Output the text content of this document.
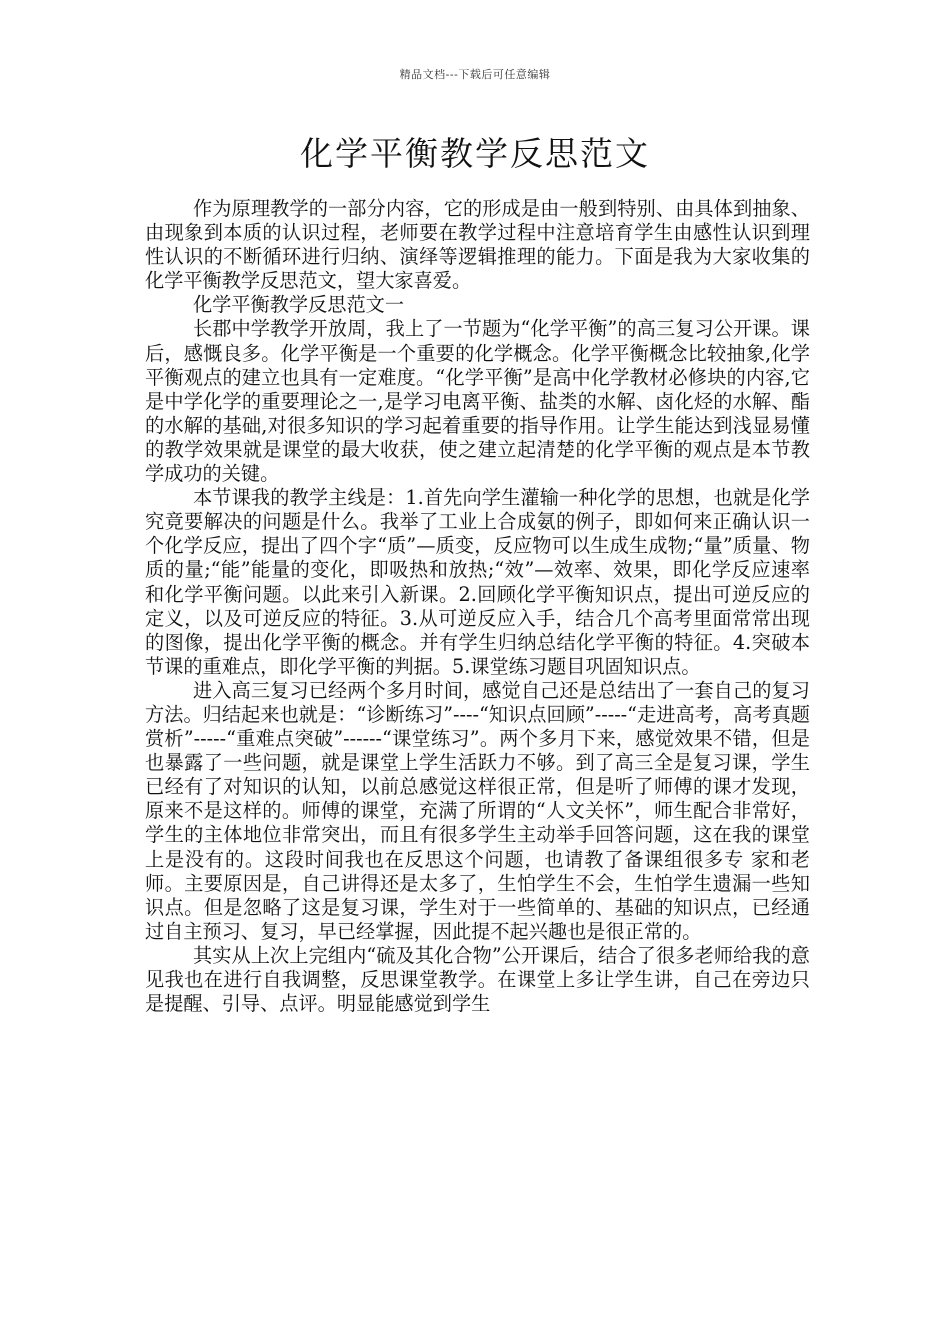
精品文档---下载后可任意编辑
化学平衡教学反思范文

作为原理教学的一部分内容，它的形成是由一般到特别、由具体到抽象、由现象到本质的认识过程，老师要在教学过程中注意培育学生由感性认识到理性认识的不断循环进行归纳、演绎等逻辑推理的能力。下面是我为大家收集的化学平衡教学反思范文，望大家喜爱。

化学平衡教学反思范文一

长郡中学教学开放周，我上了一节题为“化学平衡”的高三复习公开课。课后，感慨良多。化学平衡是一个重要的化学概念。化学平衡概念比较抽象,化学平衡观点的建立也具有一定难度。“化学平衡”是高中化学教材必修块的内容,它是中学化学的重要理论之一,是学习电离平衡、盐类的水解、卤化烃的水解、酯的水解的基础,对很多知识的学习起着重要的指导作用。让学生能达到浅显易懂的教学效果就是课堂的最大收获，使之建立起清楚的化学平衡的观点是本节教学成功的关键。

本节课我的教学主线是：1.首先向学生灌输一种化学的思想，也就是化学究竟要解决的问题是什么。我举了工业上合成氨的例子，即如何来正确认识一个化学反应，提出了四个字“质”—质变，反应物可以生成生成物;“量”质量、物质的量;“能”能量的变化，即吸热和放热;“效”—效率、效果，即化学反应速率和化学平衡问题。以此来引入新课。2.回顾化学平衡知识点，提出可逆反应的定义，以及可逆反应的特征。3.从可逆反应入手，结合几个高考里面常常出现的图像，提出化学平衡的概念。并有学生归纳总结化学平衡的特征。4.突破本节课的重难点，即化学平衡的判据。5.课堂练习题目巩固知识点。

进入高三复习已经两个多月时间，感觉自己还是总结出了一套自己的复习方法。归结起来也就是：“诊断练习”----“知识点回顾”-----“走进高考，高考真题赏析”-----“重难点突破”------“课堂练习”。两个多月下来，感觉效果不错，但是也暴露了一些问题，就是课堂上学生活跃力不够。到了高三全是复习课，学生已经有了对知识的认知，以前总感觉这样很正常，但是听了师傅的课才发现，原来不是这样的。师傅的课堂，充满了所谓的“人文关怀”，师生配合非常好，学生的主体地位非常突出，而且有很多学生主动举手回答问题，这在我的课堂上是没有的。这段时间我也在反思这个问题，也请教了备课组很多专 家和老师。主要原因是，自己讲得还是太多了，生怕学生不会，生怕学生遗漏一些知识点。但是忽略了这是复习课，学生对于一些简单的、基础的知识点，已经通过自主预习、复习，早已经掌握，因此提不起兴趣也是很正常的。

其实从上次上完组内“硫及其化合物”公开课后，结合了很多老师给我的意见我也在进行自我调整，反思课堂教学。在课堂上多让学生讲，自己在旁边只是提醒、引导、点评。明显能感觉到学生
